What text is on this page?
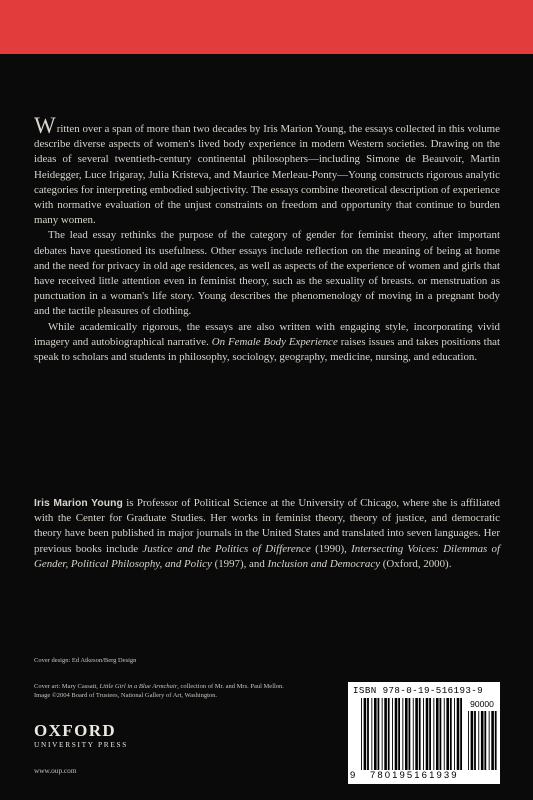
Written over a span of more than two decades by Iris Marion Young, the essays collected in this volume describe diverse aspects of women's lived body experience in modern Western societies. Drawing on the ideas of several twentieth-century continental philosophers—including Simone de Beauvoir, Martin Heidegger, Luce Irigaray, Julia Kristeva, and Maurice Merleau-Ponty—Young constructs rigorous analytic categories for interpreting embodied subjectivity. The essays combine theoretical description of experience with normative evaluation of the unjust constraints on freedom and opportunity that continue to burden many women.

The lead essay rethinks the purpose of the category of gender for feminist theory, after important debates have questioned its usefulness. Other essays include reflection on the meaning of being at home and the need for privacy in old age residences, as well as aspects of the experience of women and girls that have received little attention even in feminist theory, such as the sexuality of breasts. or menstruation as punctuation in a woman's life story. Young describes the phenomenology of moving in a pregnant body and the tactile pleasures of clothing.

While academically rigorous, the essays are also written with engaging style, incorporating vivid imagery and autobiographical narrative. On Female Body Experience raises issues and takes positions that speak to scholars and students in philosophy, sociology, geography, medicine, nursing, and education.

Iris Marion Young is Professor of Political Science at the University of Chicago, where she is affiliated with the Center for Graduate Studies. Her works in feminist theory, theory of justice, and democratic theory have been published in major journals in the United States and translated into seven languages. Her previous books include Justice and the Politics of Difference (1990), Intersecting Voices: Dilemmas of Gender, Political Philosophy, and Policy (1997), and Inclusion and Democracy (Oxford, 2000).

Cover design: Ed Atkeson/Berg Design
Cover art: Mary Cassatt, Little Girl in a Blue Armchair, collection of Mr. and Mrs. Paul Mellon. Image ©2004 Board of Trustees, National Gallery of Art, Washington.
OXFORD
UNIVERSITY PRESS
www.oup.com
ISBN 978-0-19-516193-9
90000
9 780195161939
